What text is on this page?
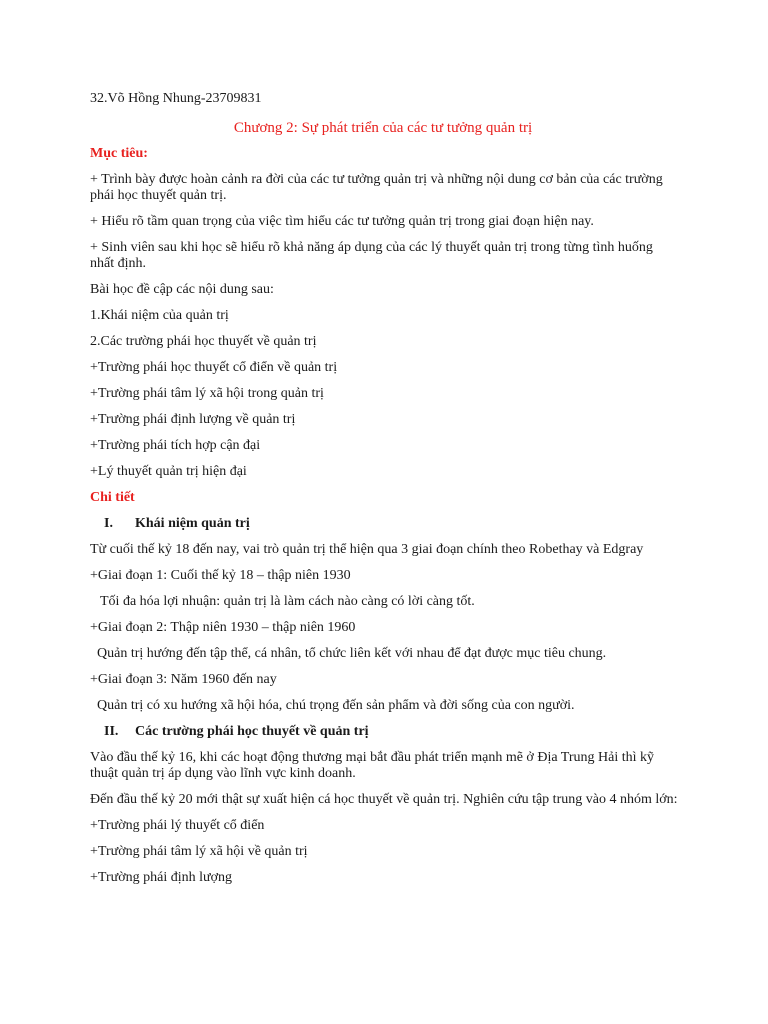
32.Võ Hồng Nhung-23709831

Chương 2: Sự phát triển của các tư tưởng quản trị

Mục tiêu:

+ Trình bày được hoàn cảnh ra đời của các tư tưởng quản trị và những nội dung cơ bản của các trường phái học thuyết quản trị.

+ Hiểu rõ tầm quan trọng của việc tìm hiểu các tư tưởng quản trị trong giai đoạn hiện nay.

+ Sinh viên sau khi học sẽ hiểu rõ khả năng áp dụng của các lý thuyết quản trị trong từng tình huống nhất định.

Bài học đề cập các nội dung sau:

1.Khái niệm của quản trị

2.Các trường phái học thuyết về quản trị

+Trường phái học thuyết cổ điển về quản trị

+Trường phái tâm lý xã hội trong quản trị

+Trường phái định lượng về quản trị

+Trường phái tích hợp cận đại

+Lý thuyết quản trị hiện đại

Chi tiết

I.	Khái niệm quản trị

Từ cuối thế kỷ 18 đến nay, vai trò quản trị thể hiện qua 3 giai đoạn chính theo Robethay và Edgray

+Giai đoạn 1: Cuối thế kỷ 18 – thập niên 1930

Tối đa hóa lợi nhuận: quản trị là làm cách nào càng có lời càng tốt.

+Giai đoạn 2: Thập niên 1930 – thập niên 1960

Quản trị hướng đến tập thể, cá nhân, tổ chức liên kết với nhau để đạt được mục tiêu chung.

+Giai đoạn 3: Năm 1960 đến nay

Quản trị có xu hướng xã hội hóa, chú trọng đến sản phẩm và đời sống của con người.

II.	Các trường phái học thuyết về quản trị

Vào đầu thế kỷ 16, khi các hoạt động thương mại bắt đầu phát triển mạnh mẽ ở Địa Trung Hải thì kỹ thuật quản trị áp dụng vào lĩnh vực kinh doanh.

Đến đầu thế kỷ 20 mới thật sự xuất hiện cá học thuyết về quản trị. Nghiên cứu tập trung vào 4 nhóm lớn:

+Trường phái lý thuyết cổ điển

+Trường phái tâm lý xã hội về quản trị

+Trường phái định lượng
